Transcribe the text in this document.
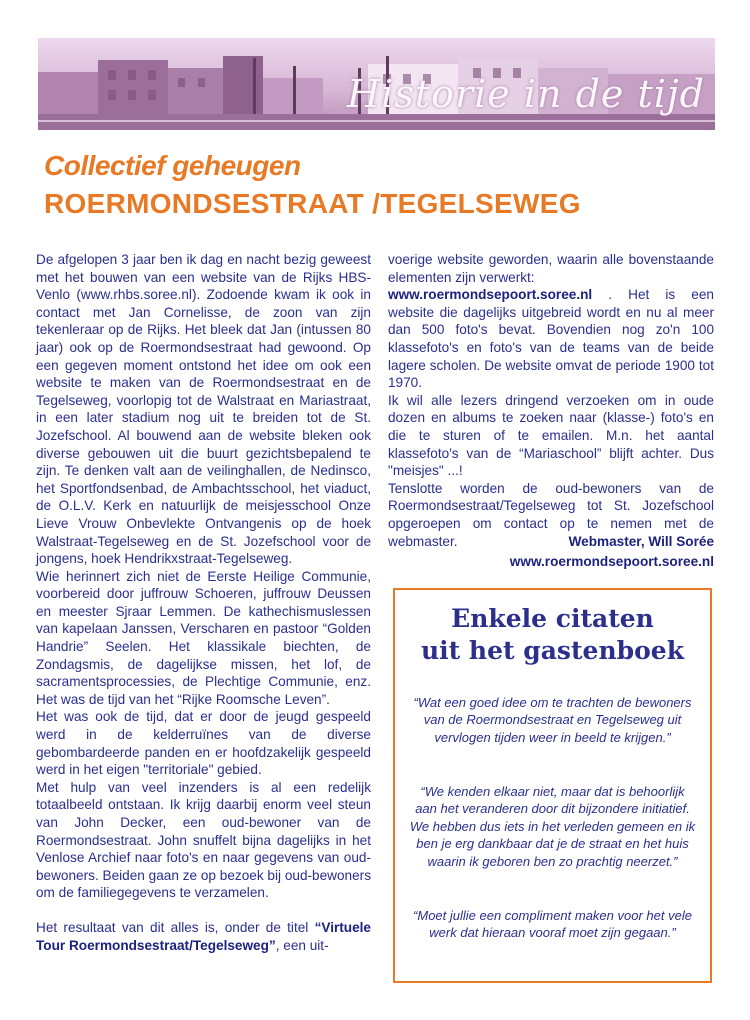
Historie in de tijd
Collectief geheugen
ROERMONDSESTRAAT /TEGELSEWEG

De afgelopen 3 jaar ben ik dag en nacht bezig geweest met het bouwen van een website van de Rijks HBS-Venlo (www.rhbs.soree.nl). Zodoende kwam ik ook in contact met Jan Cornelisse, de zoon van zijn tekenleraar op de Rijks. Het bleek dat Jan (intussen 80 jaar) ook op de Roermondsestraat had gewoond. Op een gegeven moment ontstond het idee om ook een website te maken van de Roermondsestraat en de Tegelseweg, voorlopig tot de Walstraat en Mariastraat, in een later stadium nog uit te breiden tot de St. Jozefschool. Al bouwend aan de website bleken ook diverse gebouwen uit die buurt gezichtsbepalend te zijn. Te denken valt aan de veilinghallen, de Nedinsco, het Sportfondsenbad, de Ambachtsschool, het viaduct, de O.L.V. Kerk en natuurlijk de meisjesschool Onze Lieve Vrouw Onbevlekte Ontvangenis op de hoek Walstraat-Tegelseweg en de St. Jozefschool voor de jongens, hoek Hendrikxstraat-Tegelseweg.

Wie herinnert zich niet de Eerste Heilige Communie, voorbereid door juffrouw Schoeren, juffrouw Deussen en meester Sjraar Lemmen. De kathechismuslessen van kapelaan Janssen, Verscharen en pastoor “Golden Handrie” Seelen. Het klassikale biechten, de Zondagsmis, de dagelijkse missen, het lof, de sacramentsprocessies, de Plechtige Communie, enz. Het was de tijd van het “Rijke Roomsche Leven”.

Het was ook de tijd, dat er door de jeugd gespeeld werd in de kelderruïnes van de diverse gebombardeerde panden en er hoofdzakelijk gespeeld werd in het eigen "territoriale" gebied.

Met hulp van veel inzenders is al een redelijk totaalbeeld ontstaan. Ik krijg daarbij enorm veel steun van John Decker, een oud-bewoner van de Roermondsestraat. John snuffelt bijna dagelijks in het Venlose Archief naar foto's en naar gegevens van oud-bewoners. Beiden gaan ze op bezoek bij oud-bewoners om de familiegegevens te verzamelen.

Het resultaat van dit alles is, onder de titel “Virtuele Tour Roermondsestraat/Tegelseweg”, een uit-

voerige website geworden, waarin alle bovenstaande elementen zijn verwerkt:
www.roermondsepoort.soree.nl . Het is een website die dagelijks uitgebreid wordt en nu al meer dan 500 foto's bevat. Bovendien nog zo'n 100 klassefoto's en foto's van de teams van de beide lagere scholen. De website omvat de periode 1900 tot 1970.

Ik wil alle lezers dringend verzoeken om in oude dozen en albums te zoeken naar (klasse-) foto's en die te sturen of te emailen. M.n. het aantal klassefoto's van de “Mariaschool” blijft achter. Dus "meisjes" ...!

Tenslotte worden de oud-bewoners van de Roermondsestraat/Tegelseweg tot St. Jozefschool opgeroepen om contact op te nemen met de webmaster.	Webmaster, Will Sorée
www.roermondsepoort.soree.nl
Enkele citaten
uit het gastenboek

“Wat een goed idee om te trachten de bewoners van de Roermondsestraat en Tegelseweg uit vervlogen tijden weer in beeld te krijgen.”

“We kenden elkaar niet, maar dat is behoorlijk aan het veranderen door dit bijzondere initiatief. We hebben dus iets in het verleden gemeen en ik ben je erg dankbaar dat je de straat en het huis waarin ik geboren ben zo prachtig neerzet.”

“Moet jullie een compliment maken voor het vele werk dat hieraan vooraf moet zijn gegaan.”
